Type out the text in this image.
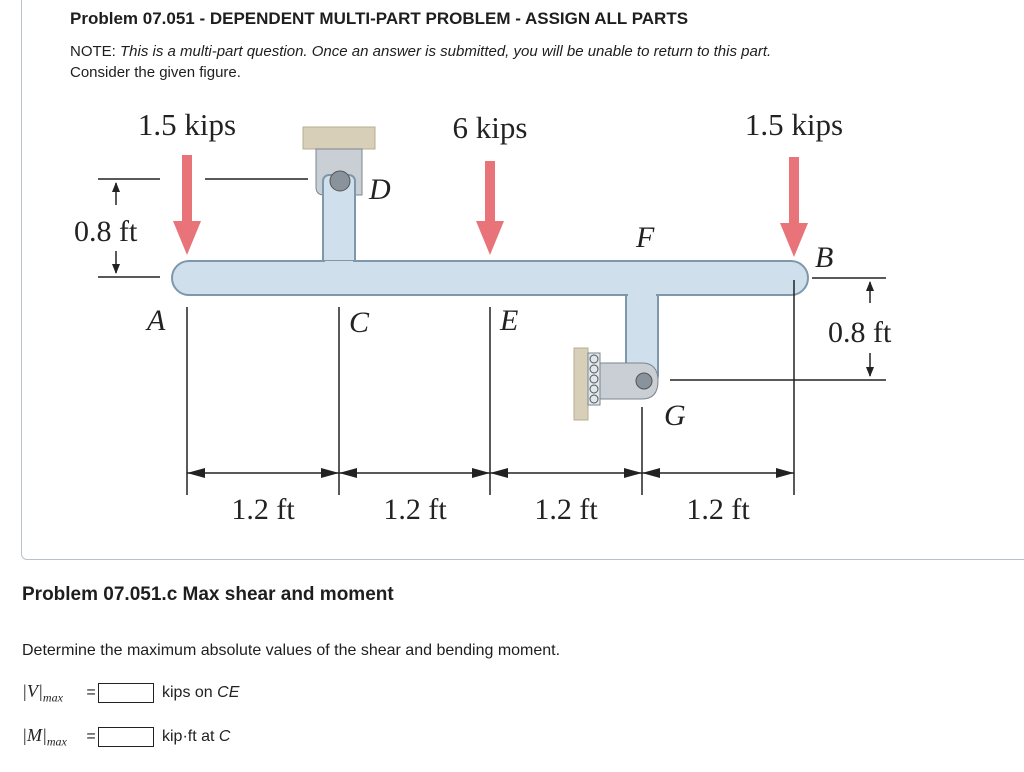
Problem 07.051 - DEPENDENT MULTI-PART PROBLEM - ASSIGN ALL PARTS
NOTE: This is a multi-part question. Once an answer is submitted, you will be unable to return to this part.
Consider the given figure.
1.5 kips	6 kips	1.5 kips
0.8 ft
0.8 ft
1.2 ft	1.2 ft	1.2 ft	1.2 ft
A	C
D
E
F
G
B
Problem 07.051.c Max shear and moment
Determine the maximum absolute values of the shear and bending moment.
$|V|_{max}$	=	kips on CE
$|M|_{max}$	=	kip·ft at C
